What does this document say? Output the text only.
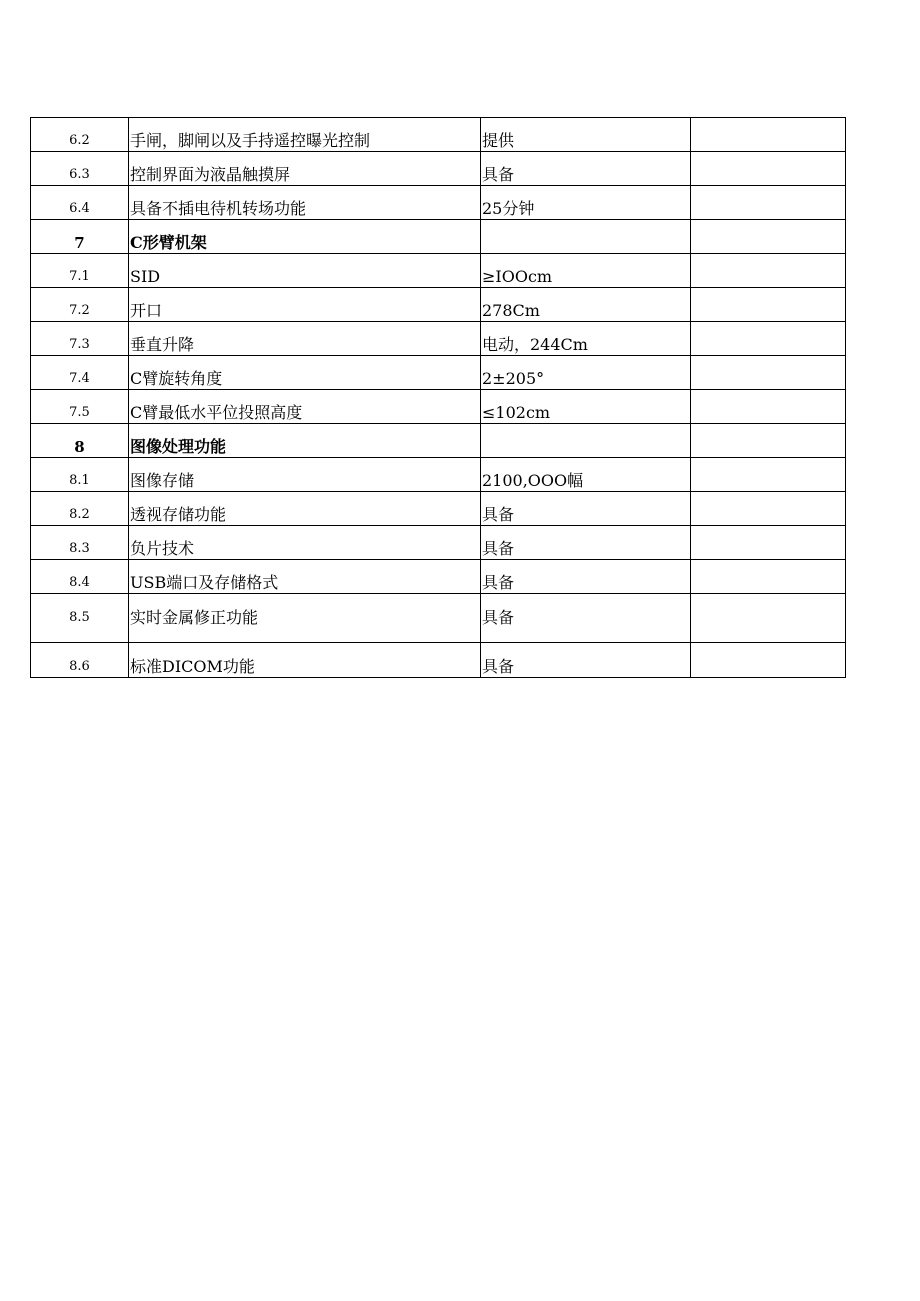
6.2	手闸，脚闸以及手持遥控曝光控制	提供	
6.3	控制界面为液晶触摸屏	具备	
6.4	具备不插电待机转场功能	25分钟	
7	C形臂机架		
7.1	SID	≥IOOcm	
7.2	开口	278Cm	
7.3	垂直升降	电动，244Cm	
7.4	C臂旋转角度	2±205°	
7.5	C臂最低水平位投照高度	≤102cm	
8	图像处理功能		
8.1	图像存储	2100,OOO幅	
8.2	透视存储功能	具备	
8.3	负片技术	具备	
8.4	USB端口及存储格式	具备	
8.5	实时金属修正功能	具备	
8.6	标准DICOM功能	具备	
